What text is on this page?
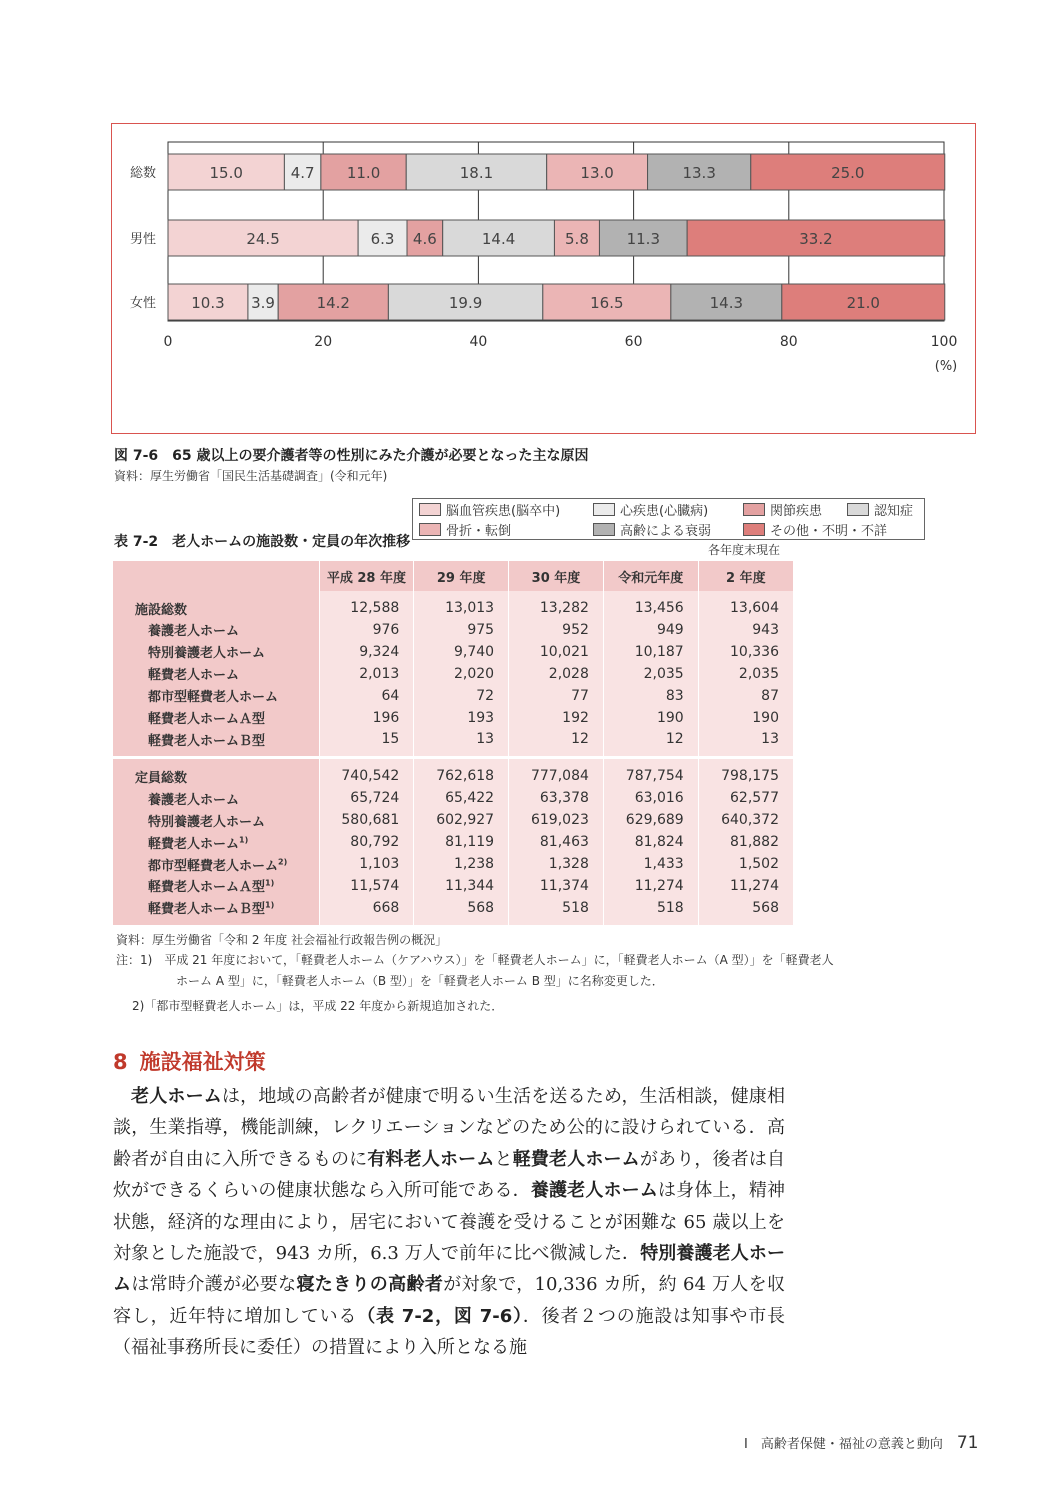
15.0	4.7 11.0	18.1	13.0	13.3	25.0
24.5	6.3 4.6	14.4	5.8	11.3	33.2
10.3 3.9	14.2	19.9	16.5	14.3	21.0
0	20	40	60	80	100
(%)
総数
男性
女性
脳血管疾患(脳卒中)	心疾患(心臓病)	関節疾患	認知症
骨折・転倒	高齢による衰弱	その他・不明・不詳
図 7-6　65 歳以上の要介護者等の性別にみた介護が必要となった主な原因
資料：厚生労働省「国民生活基礎調査」(令和元年)
表 7-2　老人ホームの施設数・定員の年次推移	各年度末現在
	平成 28 年度	29 年度	30 年度	令和元年度	2 年度
施設総数	12,588	13,013	13,282	13,456	13,604
養護老人ホーム	976	975	952	949	943
特別養護老人ホーム	9,324	9,740	10,021	10,187	10,336
軽費老人ホーム	2,013	2,020	2,028	2,035	2,035
都市型軽費老人ホーム	64	72	77	83	87
軽費老人ホームＡ型	196	193	192	190	190
軽費老人ホームＢ型	15	13	12	12	13

定員総数	740,542	762,618	777,084	787,754	798,175
養護老人ホーム	65,724	65,422	63,378	63,016	62,577
特別養護老人ホーム	580,681	602,927	619,023	629,689	640,372
軽費老人ホーム$^{1)}$	80,792	81,119	81,463	81,824	81,882
都市型軽費老人ホーム$^{2)}$	1,103	1,238	1,328	1,433	1,502
軽費老人ホームＡ型$^{1)}$	11,574	11,344	11,374	11,274	11,274
軽費老人ホームＢ型$^{1)}$	668	568	518	518	568
資料：厚生労働省「令和 2 年度 社会福祉行政報告例の概況」
注：1)　平成 21 年度において，「軽費老人ホーム（ケアハウス）」を「軽費老人ホーム」に，「軽費老人ホーム（A 型）」を「軽費老人
ホーム A 型」に，「軽費老人ホーム（B 型）」を「軽費老人ホーム B 型」に名称変更した．
2)「都市型軽費老人ホーム」は，平成 22 年度から新規追加された．
8 施設福祉対策

老人ホームは，地域の高齢者が健康で明るい生活を送るため，生活相談，健康相談，生業指導，機能訓練，レクリエーションなどのため公的に設けられている．高齢者が自由に入所できるものに有料老人ホームと軽費老人ホームがあり，後者は自炊ができるくらいの健康状態なら入所可能である．養護老人ホームは身体上，精神状態，経済的な理由により，居宅において養護を受けることが困難な 65 歳以上を対象とした施設で，943 カ所，6.3 万人で前年に比べ微減した．特別養護老人ホームは常時介護が必要な寝たきりの高齢者が対象で，10,336 カ所，約 64 万人を収容し，近年特に増加している（表 7-2，図 7-6）．後者２つの施設は知事や市長（福祉事務所長に委任）の措置により入所となる施

Ⅰ　高齢者保健・福祉の意義と動向 71
